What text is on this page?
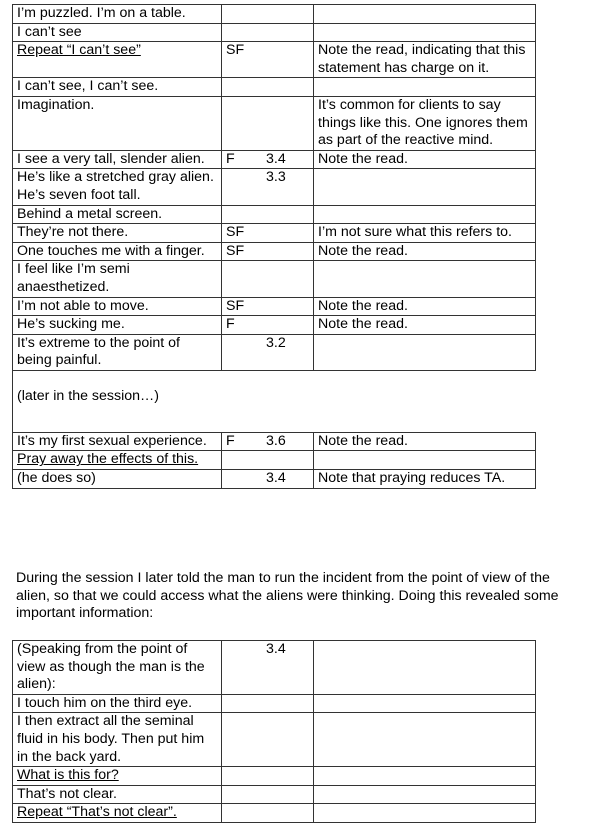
I’m puzzled. I’m on a table.	

I can’t see	

Repeat “I can’t see”	SF	Note the read, indicating that this statement has charge on it.
I can’t see, I can’t see.	

Imagination.		It’s common for clients to say things like this. One ignores them as part of the reactive mind.
I see a very tall, slender alien.	F 3.4	Note the read.
He’s like a stretched gray alien. He’s seven foot tall.	3.3	

Behind a metal screen.	

They’re not there.	SF	I’m not sure what this refers to.
One touches me with a finger.	SF	Note the read.
I feel like I’m semi anaesthetized.	

I’m not able to move.	SF	Note the read.
He’s sucking me.	F	Note the read.
It’s extreme to the point of being painful.	3.2	

(later in the session…)		
It’s my first sexual experience.	F 3.6	Note the read.
Pray away the effects of this.	

(he does so)	3.4	Note that praying reduces TA.
During the session I later told the man to run the incident from the point of view of the alien, so that we could access what the aliens were thinking. Doing this revealed some important information:
(Speaking from the point of view as though the man is the alien):	3.4	

I touch him on the third eye.	

I then extract all the seminal fluid in his body. Then put him in the back yard.	

What is this for?	

That’s not clear.	

Repeat “That’s not clear”.	
